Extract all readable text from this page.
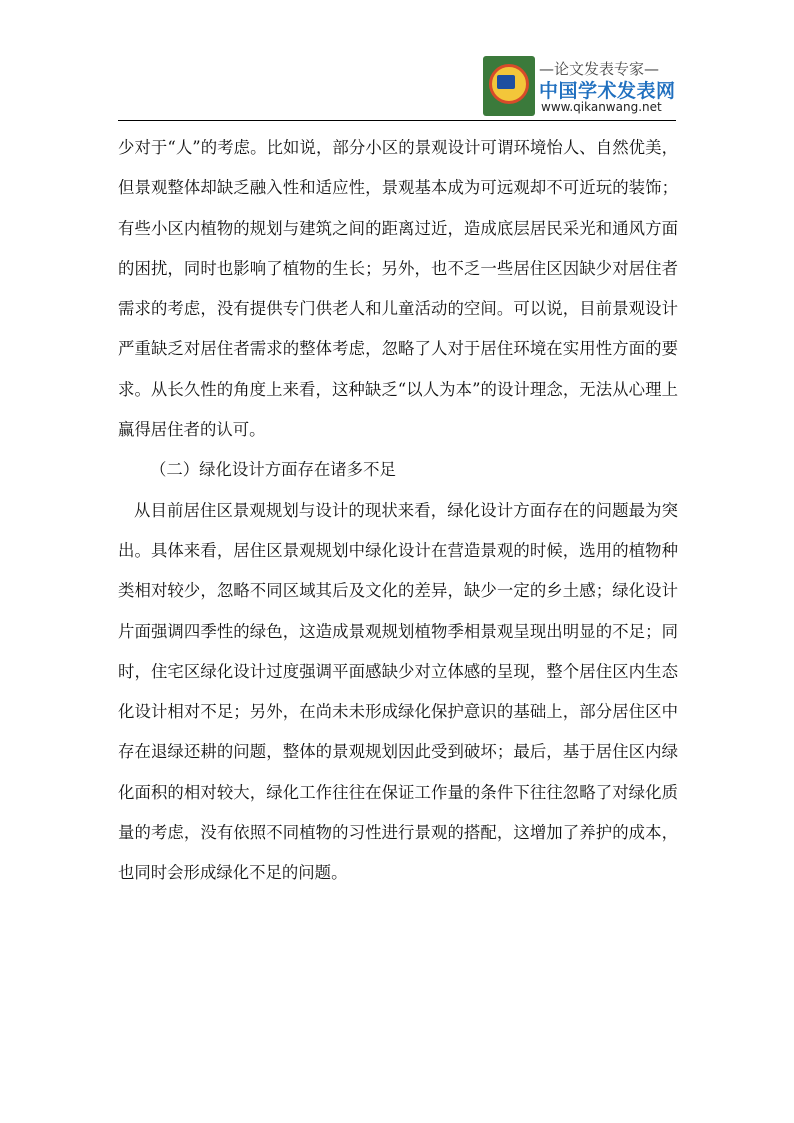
—论文发表专家—
中国学术发表网
www.qikanwang.net

少对于“人”的考虑。比如说，部分小区的景观设计可谓环境怡人、自然优美，但景观整体却缺乏融入性和适应性，景观基本成为可远观却不可近玩的装饰；有些小区内植物的规划与建筑之间的距离过近，造成底层居民采光和通风方面的困扰，同时也影响了植物的生长；另外，也不乏一些居住区因缺少对居住者需求的考虑，没有提供专门供老人和儿童活动的空间。可以说，目前景观设计严重缺乏对居住者需求的整体考虑，忽略了人对于居住环境在实用性方面的要求。从长久性的角度上来看，这种缺乏“以人为本”的设计理念，无法从心理上赢得居住者的认可。

（二）绿化设计方面存在诸多不足

从目前居住区景观规划与设计的现状来看，绿化设计方面存在的问题最为突出。具体来看，居住区景观规划中绿化设计在营造景观的时候，选用的植物种类相对较少，忽略不同区域其后及文化的差异，缺少一定的乡土感；绿化设计片面强调四季性的绿色，这造成景观规划植物季相景观呈现出明显的不足；同时，住宅区绿化设计过度强调平面感缺少对立体感的呈现，整个居住区内生态化设计相对不足；另外，在尚未未形成绿化保护意识的基础上，部分居住区中存在退绿还耕的问题，整体的景观规划因此受到破坏；最后，基于居住区内绿化面积的相对较大，绿化工作往往在保证工作量的条件下往往忽略了对绿化质量的考虑，没有依照不同植物的习性进行景观的搭配，这增加了养护的成本，也同时会形成绿化不足的问题。
